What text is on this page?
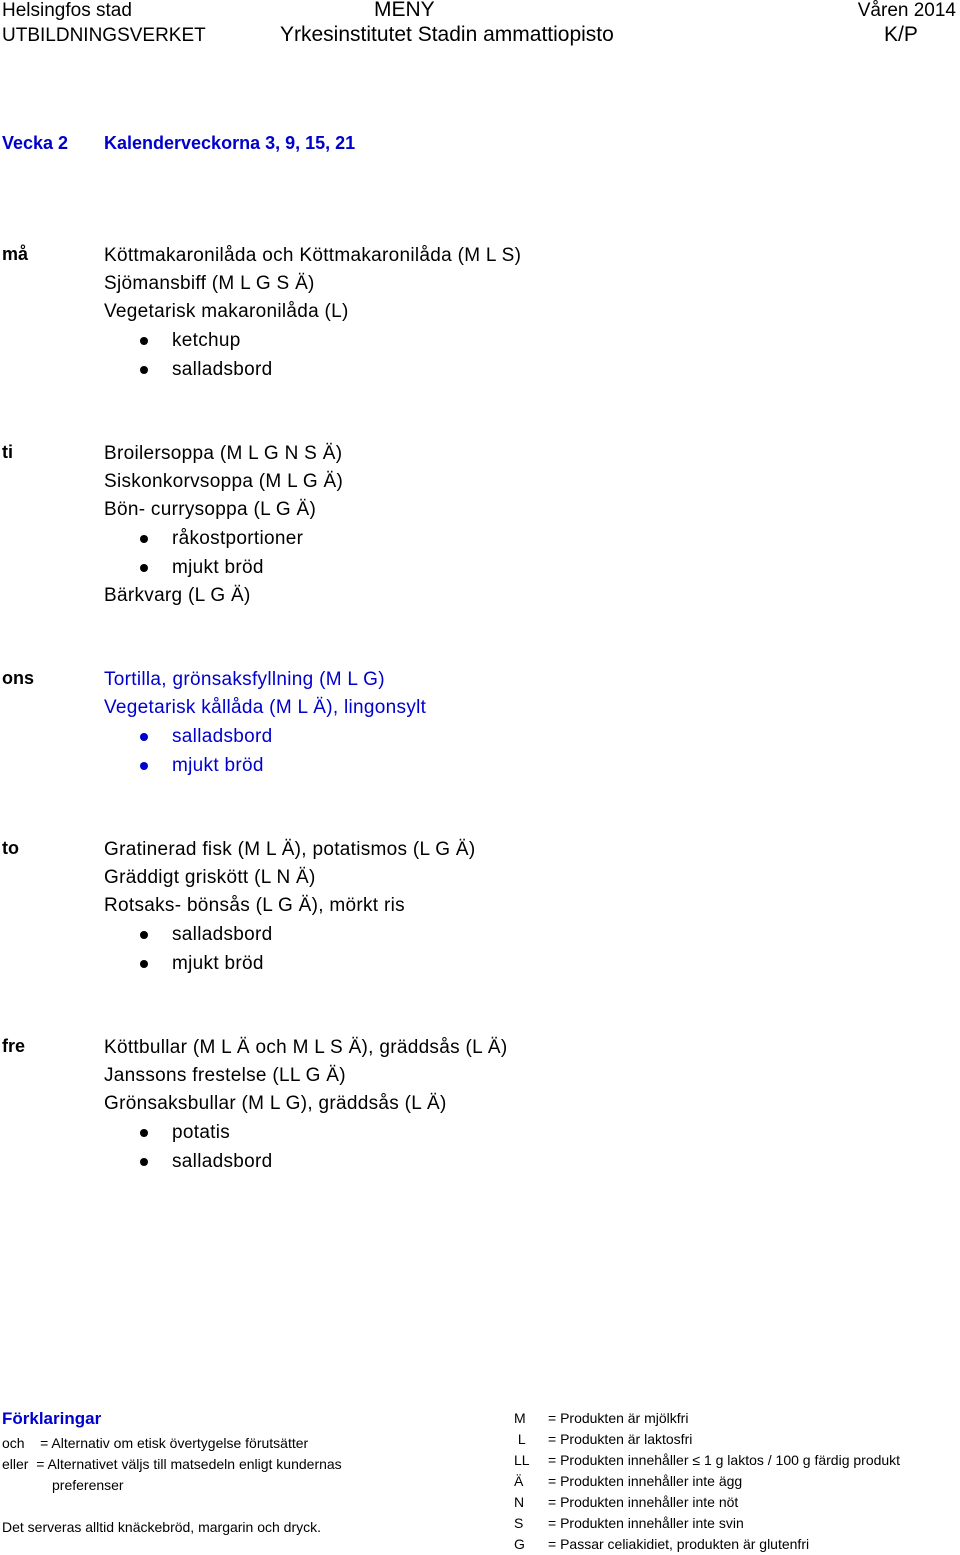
Helsingfos stad	MENY	Våren 2014
UTBILDNINGSVERKET	Yrkesinstitutet Stadin ammattiopisto	K/P
Vecka 2 Kalenderveckorna 3, 9, 15, 21
må	Köttmakaronilåda och Köttmakaronilåda (M L S)
Sjömansbiff (M L G S Ä)
Vegetarisk makaronilåda (L)
ketchup
salladsbord
ti	Broilersoppa (M L G N S Ä)
Siskonkorvsoppa (M L G Ä)
Bön- currysoppa (L G Ä)
råkostportioner
mjukt bröd
Bärkvarg (L G Ä)
ons	Tortilla, grönsaksfyllning (M L G)
Vegetarisk kållåda (M L Ä), lingonsylt
salladsbord
mjukt bröd
to	Gratinerad fisk (M L Ä), potatismos (L G Ä)
Gräddigt griskött (L N Ä)
Rotsaks- bönsås (L G Ä), mörkt ris
salladsbord
mjukt bröd
fre	Köttbullar (M L Ä och M L S Ä), gräddsås (L Ä)
Janssons frestelse (LL G Ä)
Grönsaksbullar (M L G), gräddsås (L Ä)
potatis
salladsbord
Förklaringar
och    = Alternativ om etisk övertygelse förutsätter
eller  = Alternativet väljs till matsedeln enligt kundernas
preferenser
Det serveras alltid knäckebröd, margarin och dryck.
M = Produkten är mjölkfri
L = Produkten är laktosfri
LL = Produkten innehåller ≤ 1 g laktos / 100 g färdig produkt
Ä = Produkten innehåller inte ägg
N = Produkten innehåller inte nöt
S = Produkten innehåller inte svin
G = Passar celiakidiet, produkten är glutenfri
